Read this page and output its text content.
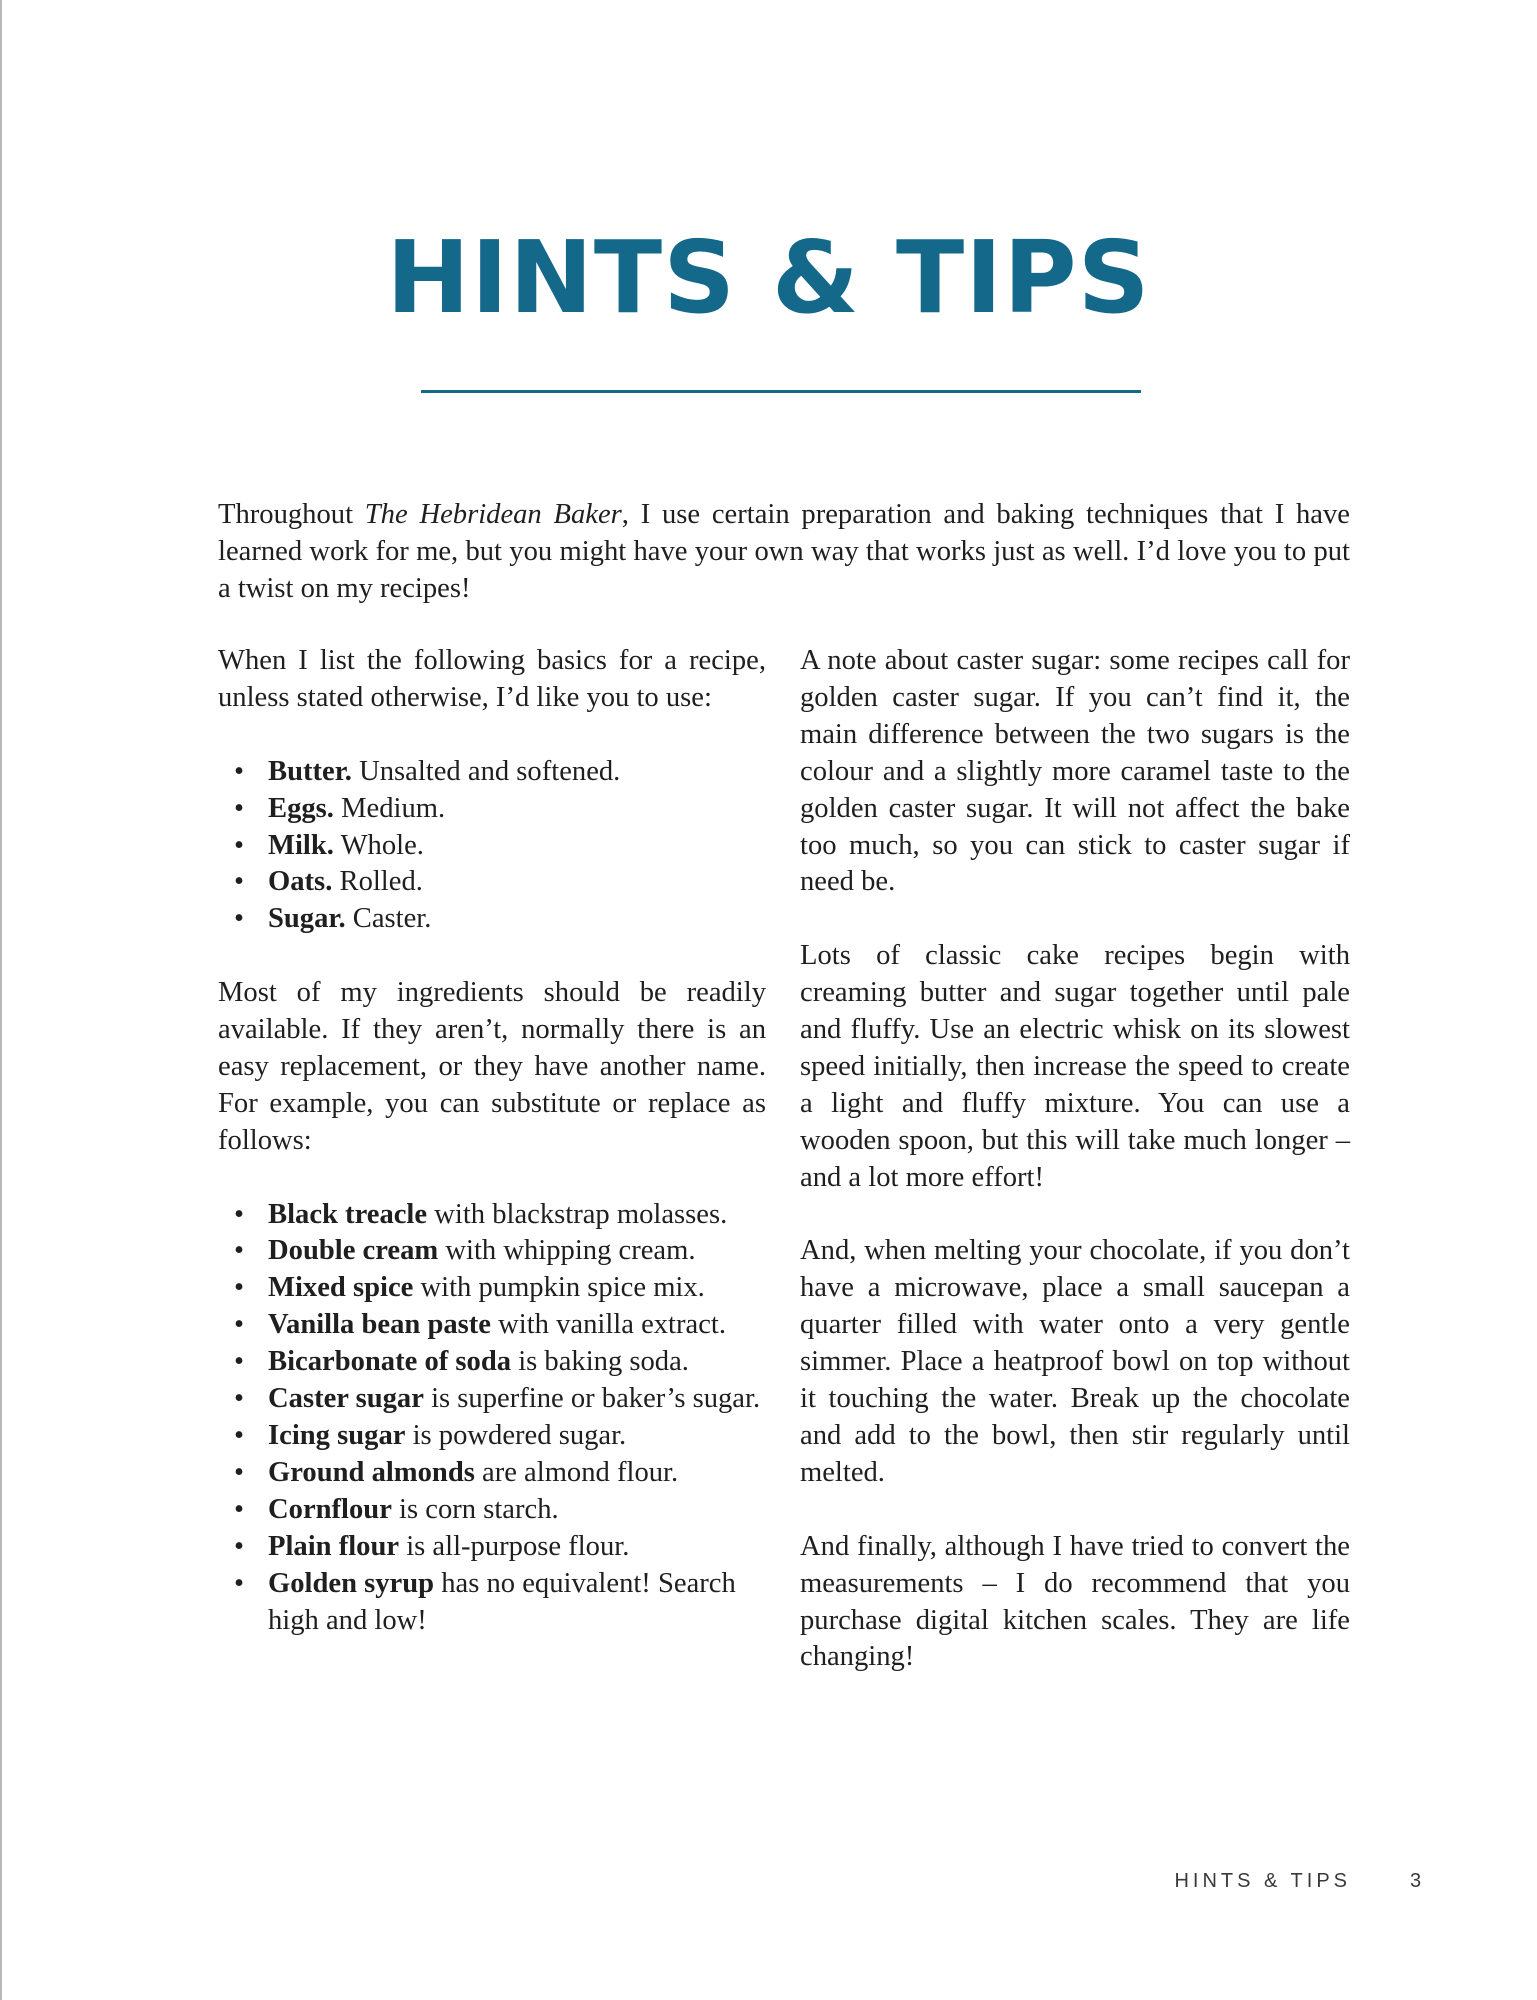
HINTS & TIPS

Throughout The Hebridean Baker, I use certain preparation and baking techniques that I have learned work for me, but you might have your own way that works just as well. I’d love you to put a twist on my recipes!

When I list the following basics for a recipe, unless stated otherwise, I’d like you to use:

• Butter. Unsalted and softened.
• Eggs. Medium.
• Milk. Whole.
• Oats. Rolled.
• Sugar. Caster.

Most of my ingredients should be readily available. If they aren’t, normally there is an easy replacement, or they have another name. For example, you can substitute or replace as follows:

• Black treacle with blackstrap molasses.
• Double cream with whipping cream.
• Mixed spice with pumpkin spice mix.
• Vanilla bean paste with vanilla extract.
• Bicarbonate of soda is baking soda.
• Caster sugar is superfine or baker’s sugar.
• Icing sugar is powdered sugar.
• Ground almonds are almond flour.
• Cornflour is corn starch.
• Plain flour is all-purpose flour.
• Golden syrup has no equivalent! Search high and low!

A note about caster sugar: some recipes call for golden caster sugar. If you can’t find it, the main difference between the two sugars is the colour and a slightly more caramel taste to the golden caster sugar. It will not affect the bake too much, so you can stick to caster sugar if need be.

Lots of classic cake recipes begin with creaming butter and sugar together until pale and fluffy. Use an electric whisk on its slowest speed initially, then increase the speed to create a light and fluffy mixture. You can use a wooden spoon, but this will take much longer – and a lot more effort!

And, when melting your chocolate, if you don’t have a microwave, place a small saucepan a quarter filled with water onto a very gentle simmer. Place a heatproof bowl on top without it touching the water. Break up the chocolate and add to the bowl, then stir regularly until melted.

And finally, although I have tried to convert the measurements – I do recommend that you purchase digital kitchen scales. They are life changing!

HINTS & TIPS	3
